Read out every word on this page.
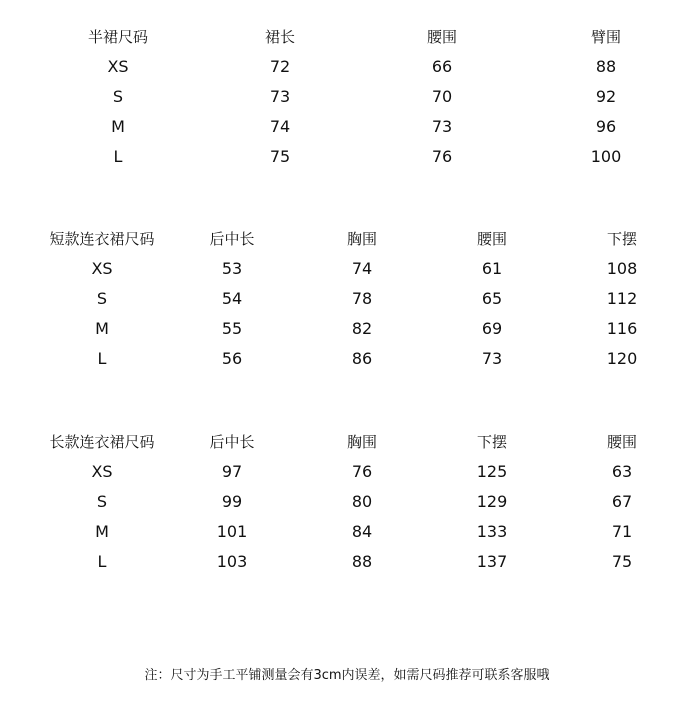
半裙尺码	裙长	腰围	臂围
XS	72	66	88
S	73	70	92
M	74	73	96
L	75	76	100
短款连衣裙尺码	后中长	胸围	腰围	下摆
XS	53	74	61	108
S	54	78	65	112
M	55	82	69	116
L	56	86	73	120
长款连衣裙尺码	后中长	胸围	下摆	腰围
XS	97	76	125	63
S	99	80	129	67
M	101	84	133	71
L	103	88	137	75
注：尺寸为手工平铺测量会有3cm内误差，如需尺码推荐可联系客服哦
